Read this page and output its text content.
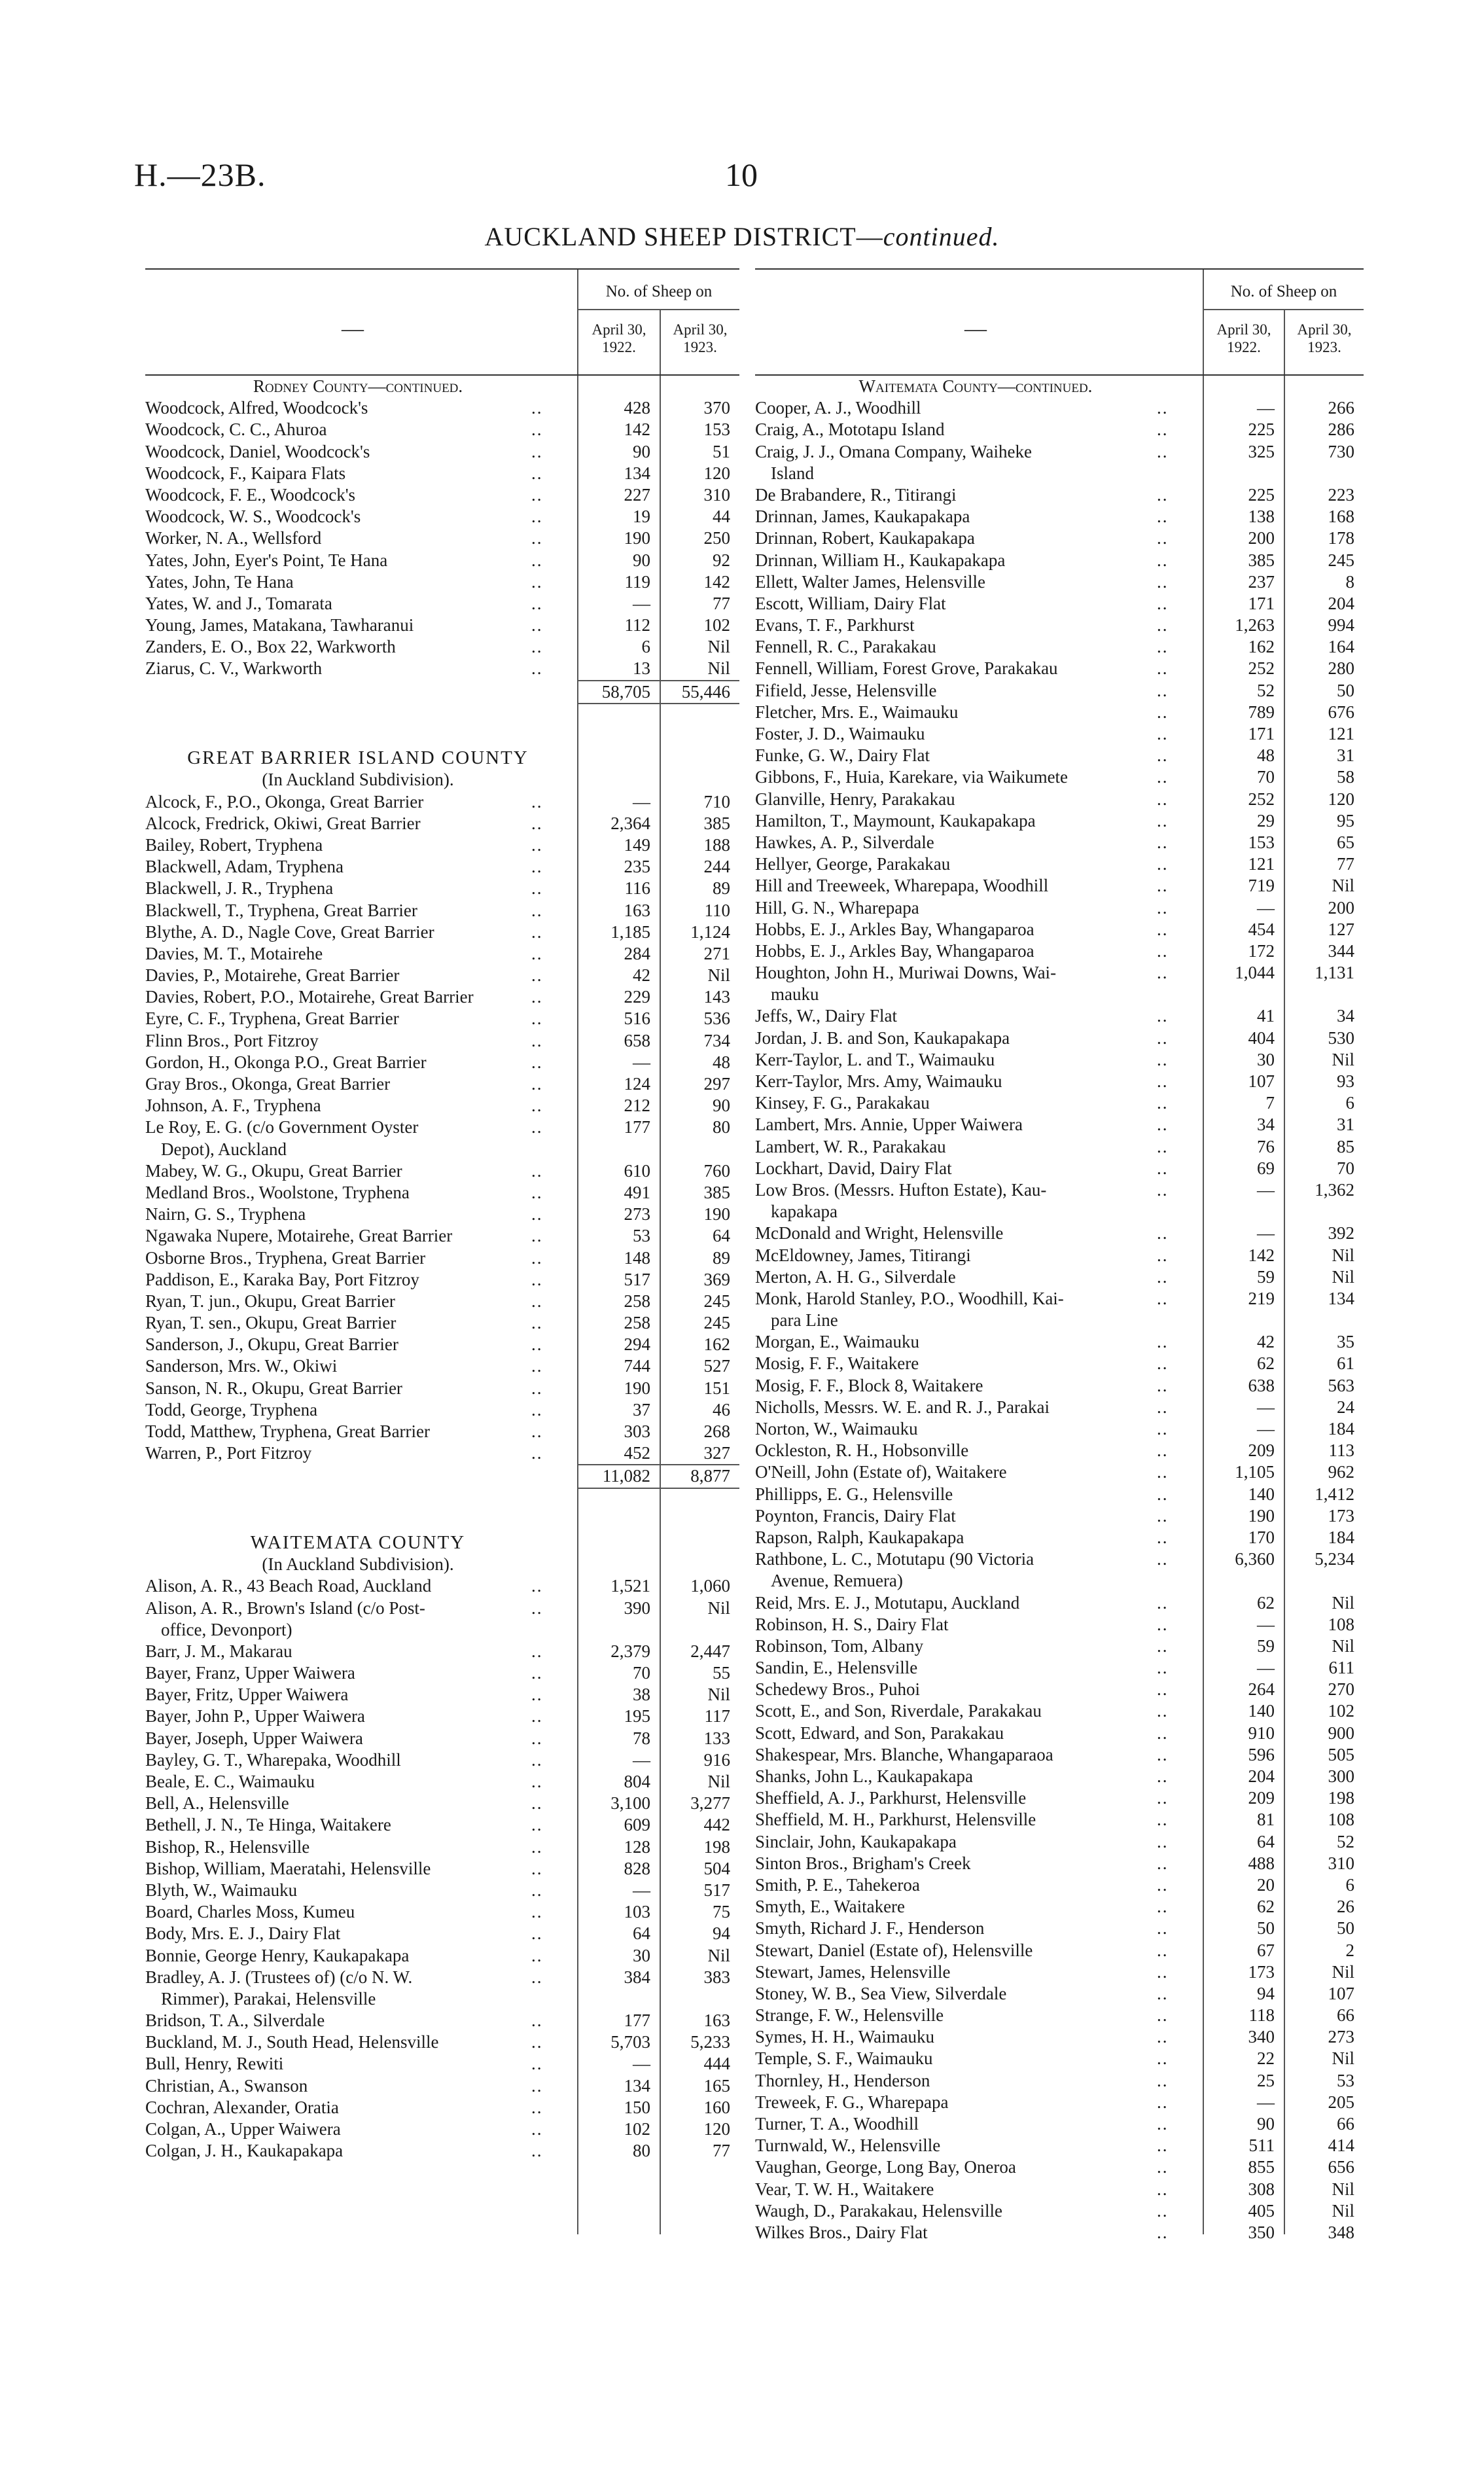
H.—23B.	10
AUCKLAND SHEEP DISTRICT—continued.
—
No. of Sheep on
April 30, 1922.
April 30, 1923.
Rodney County—continued.
Woodcock, Alfred, Woodcock's	..	428	370
Woodcock, C. C., Ahuroa	..	142	153
Woodcock, Daniel, Woodcock's	..	90	51
Woodcock, F., Kaipara Flats	..	134	120
Woodcock, F. E., Woodcock's	..	227	310
Woodcock, W. S., Woodcock's	..	19	44
Worker, N. A., Wellsford	..	190	250
Yates, John, Eyer's Point, Te Hana	..	90	92
Yates, John, Te Hana	..	119	142
Yates, W. and J., Tomarata	..	—	77
Young, James, Matakana, Tawharanui	..	112	102
Zanders, E. O., Box 22, Warkworth	..	6	Nil
Ziarus, C. V., Warkworth	..	13	Nil
58,705	55,446
GREAT BARRIER ISLAND COUNTY
(In Auckland Subdivision).
Alcock, F., P.O., Okonga, Great Barrier	..	—	710
Alcock, Fredrick, Okiwi, Great Barrier	..	2,364	385
Bailey, Robert, Tryphena	..	149	188
Blackwell, Adam, Tryphena	..	235	244
Blackwell, J. R., Tryphena	..	116	89
Blackwell, T., Tryphena, Great Barrier	..	163	110
Blythe, A. D., Nagle Cove, Great Barrier	..	1,185	1,124
Davies, M. T., Motairehe	..	284	271
Davies, P., Motairehe, Great Barrier	..	42	Nil
Davies, Robert, P.O., Motairehe, Great Barrier	..	229	143
Eyre, C. F., Tryphena, Great Barrier	..	516	536
Flinn Bros., Port Fitzroy	..	658	734
Gordon, H., Okonga P.O., Great Barrier	..	—	48
Gray Bros., Okonga, Great Barrier	..	124	297
Johnson, A. F., Tryphena	..	212	90
Le Roy, E. G. (c/o Government Oyster	..	177	80
Depot), Auckland
Mabey, W. G., Okupu, Great Barrier	..	610	760
Medland Bros., Woolstone, Tryphena	..	491	385
Nairn, G. S., Tryphena	..	273	190
Ngawaka Nupere, Motairehe, Great Barrier	..	53	64
Osborne Bros., Tryphena, Great Barrier	..	148	89
Paddison, E., Karaka Bay, Port Fitzroy	..	517	369
Ryan, T. jun., Okupu, Great Barrier	..	258	245
Ryan, T. sen., Okupu, Great Barrier	..	258	245
Sanderson, J., Okupu, Great Barrier	..	294	162
Sanderson, Mrs. W., Okiwi	..	744	527
Sanson, N. R., Okupu, Great Barrier	..	190	151
Todd, George, Tryphena	..	37	46
Todd, Matthew, Tryphena, Great Barrier	..	303	268
Warren, P., Port Fitzroy	..	452	327
11,082	8,877
WAITEMATA COUNTY
(In Auckland Subdivision).
Alison, A. R., 43 Beach Road, Auckland	..	1,521	1,060
Alison, A. R., Brown's Island (c/o Post-	..	390	Nil
office, Devonport)
Barr, J. M., Makarau	..	2,379	2,447
Bayer, Franz, Upper Waiwera	..	70	55
Bayer, Fritz, Upper Waiwera	..	38	Nil
Bayer, John P., Upper Waiwera	..	195	117
Bayer, Joseph, Upper Waiwera	..	78	133
Bayley, G. T., Wharepaka, Woodhill	..	—	916
Beale, E. C., Waimauku	..	804	Nil
Bell, A., Helensville	..	3,100	3,277
Bethell, J. N., Te Hinga, Waitakere	..	609	442
Bishop, R., Helensville	..	128	198
Bishop, William, Maeratahi, Helensville	..	828	504
Blyth, W., Waimauku	..	—	517
Board, Charles Moss, Kumeu	..	103	75
Body, Mrs. E. J., Dairy Flat	..	64	94
Bonnie, George Henry, Kaukapakapa	..	30	Nil
Bradley, A. J. (Trustees of) (c/o N. W.	..	384	383
Rimmer), Parakai, Helensville
Bridson, T. A., Silverdale	..	177	163
Buckland, M. J., South Head, Helensville	..	5,703	5,233
Bull, Henry, Rewiti	..	—	444
Christian, A., Swanson	..	134	165
Cochran, Alexander, Oratia	..	150	160
Colgan, A., Upper Waiwera	..	102	120
Colgan, J. H., Kaukapakapa	..	80	77
—
No. of Sheep on
April 30, 1922.
April 30, 1923.
Waitemata County—continued.
Cooper, A. J., Woodhill	..	—	266
Craig, A., Mototapu Island	..	225	286
Craig, J. J., Omana Company, Waiheke	..	325	730
Island
De Brabandere, R., Titirangi	..	225	223
Drinnan, James, Kaukapakapa	..	138	168
Drinnan, Robert, Kaukapakapa	..	200	178
Drinnan, William H., Kaukapakapa	..	385	245
Ellett, Walter James, Helensville	..	237	8
Escott, William, Dairy Flat	..	171	204
Evans, T. F., Parkhurst	..	1,263	994
Fennell, R. C., Parakakau	..	162	164
Fennell, William, Forest Grove, Parakakau	..	252	280
Fifield, Jesse, Helensville	..	52	50
Fletcher, Mrs. E., Waimauku	..	789	676
Foster, J. D., Waimauku	..	171	121
Funke, G. W., Dairy Flat	..	48	31
Gibbons, F., Huia, Karekare, via Waikumete	..	70	58
Glanville, Henry, Parakakau	..	252	120
Hamilton, T., Maymount, Kaukapakapa	..	29	95
Hawkes, A. P., Silverdale	..	153	65
Hellyer, George, Parakakau	..	121	77
Hill and Treeweek, Wharepapa, Woodhill	..	719	Nil
Hill, G. N., Wharepapa	..	—	200
Hobbs, E. J., Arkles Bay, Whangaparoa	..	454	127
Hobbs, E. J., Arkles Bay, Whangaparoa	..	172	344
Houghton, John H., Muriwai Downs, Wai-	..	1,044	1,131
mauku
Jeffs, W., Dairy Flat	..	41	34
Jordan, J. B. and Son, Kaukapakapa	..	404	530
Kerr-Taylor, L. and T., Waimauku	..	30	Nil
Kerr-Taylor, Mrs. Amy, Waimauku	..	107	93
Kinsey, F. G., Parakakau	..	7	6
Lambert, Mrs. Annie, Upper Waiwera	..	34	31
Lambert, W. R., Parakakau	..	76	85
Lockhart, David, Dairy Flat	..	69	70
Low Bros. (Messrs. Hufton Estate), Kau-	..	—	1,362
kapakapa
McDonald and Wright, Helensville	..	—	392
McEldowney, James, Titirangi	..	142	Nil
Merton, A. H. G., Silverdale	..	59	Nil
Monk, Harold Stanley, P.O., Woodhill, Kai-	..	219	134
para Line
Morgan, E., Waimauku	..	42	35
Mosig, F. F., Waitakere	..	62	61
Mosig, F. F., Block 8, Waitakere	..	638	563
Nicholls, Messrs. W. E. and R. J., Parakai	..	—	24
Norton, W., Waimauku	..	—	184
Ockleston, R. H., Hobsonville	..	209	113
O'Neill, John (Estate of), Waitakere	..	1,105	962
Phillipps, E. G., Helensville	..	140	1,412
Poynton, Francis, Dairy Flat	..	190	173
Rapson, Ralph, Kaukapakapa	..	170	184
Rathbone, L. C., Motutapu (90 Victoria	..	6,360	5,234
Avenue, Remuera)
Reid, Mrs. E. J., Motutapu, Auckland	..	62	Nil
Robinson, H. S., Dairy Flat	..	—	108
Robinson, Tom, Albany	..	59	Nil
Sandin, E., Helensville	..	—	611
Schedewy Bros., Puhoi	..	264	270
Scott, E., and Son, Riverdale, Parakakau	..	140	102
Scott, Edward, and Son, Parakakau	..	910	900
Shakespear, Mrs. Blanche, Whangaparaoa	..	596	505
Shanks, John L., Kaukapakapa	..	204	300
Sheffield, A. J., Parkhurst, Helensville	..	209	198
Sheffield, M. H., Parkhurst, Helensville	..	81	108
Sinclair, John, Kaukapakapa	..	64	52
Sinton Bros., Brigham's Creek	..	488	310
Smith, P. E., Tahekeroa	..	20	6
Smyth, E., Waitakere	..	62	26
Smyth, Richard J. F., Henderson	..	50	50
Stewart, Daniel (Estate of), Helensville	..	67	2
Stewart, James, Helensville	..	173	Nil
Stoney, W. B., Sea View, Silverdale	..	94	107
Strange, F. W., Helensville	..	118	66
Symes, H. H., Waimauku	..	340	273
Temple, S. F., Waimauku	..	22	Nil
Thornley, H., Henderson	..	25	53
Treweek, F. G., Wharepapa	..	—	205
Turner, T. A., Woodhill	..	90	66
Turnwald, W., Helensville	..	511	414
Vaughan, George, Long Bay, Oneroa	..	855	656
Vear, T. W. H., Waitakere	..	308	Nil
Waugh, D., Parakakau, Helensville	..	405	Nil
Wilkes Bros., Dairy Flat	..	350	348
